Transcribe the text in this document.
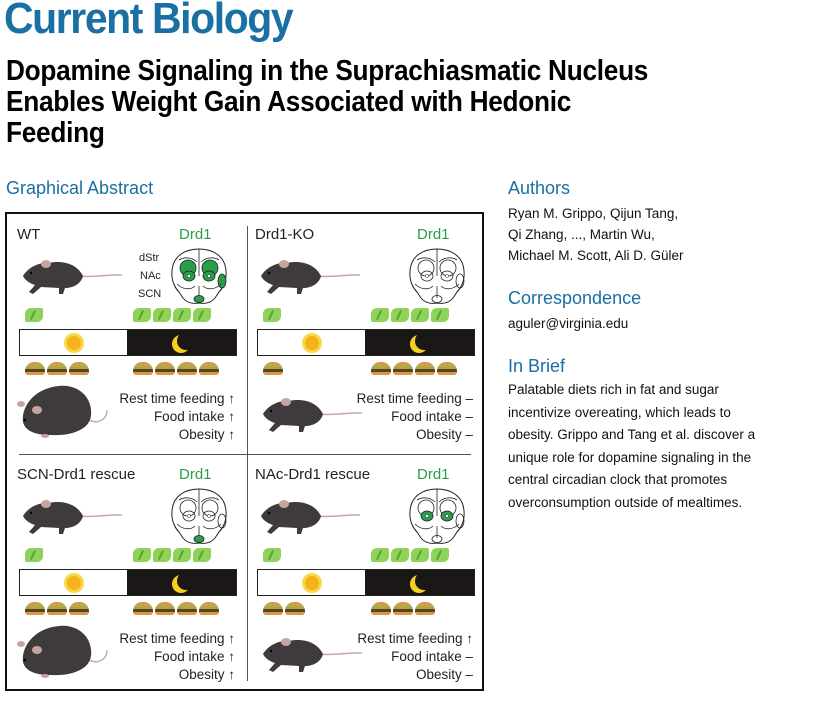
Current Biology
Dopamine Signaling in the Suprachiasmatic Nucleus
Enables Weight Gain Associated with Hedonic
Feeding
Graphical Abstract
WT	Drd1
dStr
NAc
SCN
Rest time feeding ↑
Food intake ↑
Obesity ↑
Drd1-KO	Drd1
Rest time feeding –
Food intake –
Obesity –
SCN-Drd1 rescue	Drd1
Rest time feeding ↑
Food intake ↑
Obesity ↑
NAc-Drd1 rescue	Drd1
Rest time feeding ↑
Food intake –
Obesity –

Authors

Ryan M. Grippo, Qijun Tang,
Qi Zhang, ..., Martin Wu,
Michael M. Scott, Ali D. Güler

Correspondence

aguler@virginia.edu

In Brief

Palatable diets rich in fat and sugar
incentivize overeating, which leads to
obesity. Grippo and Tang et al. discover a
unique role for dopamine signaling in the
central circadian clock that promotes
overconsumption outside of mealtimes.
